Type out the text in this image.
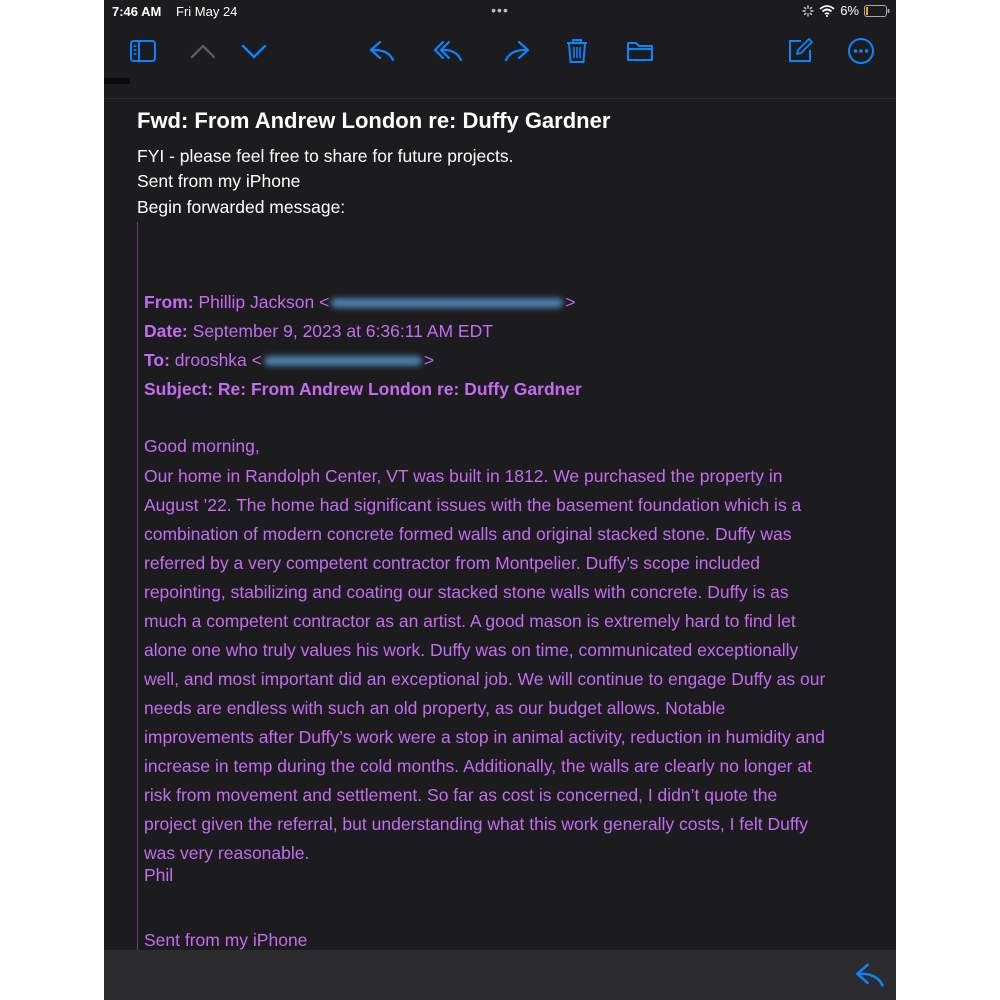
7:46 AM Fri May 24	•••	6%
Fwd: From Andrew London re: Duffy Gardner
FYI - please feel free to share for future projects.
Sent from my iPhone
Begin forwarded message:
From: Phillip Jackson <	>
Date: September 9, 2023 at 6:36:11 AM EDT
To: drooshka <	>
Subject: Re: From Andrew London re: Duffy Gardner
Good morning,
Our home in Randolph Center, VT was built in 1812. We purchased the property in
August ’22. The home had significant issues with the basement foundation which is a
combination of modern concrete formed walls and original stacked stone. Duffy was
referred by a very competent contractor from Montpelier. Duffy’s scope included
repointing, stabilizing and coating our stacked stone walls with concrete. Duffy is as
much a competent contractor as an artist. A good mason is extremely hard to find let
alone one who truly values his work. Duffy was on time, communicated exceptionally
well, and most important did an exceptional job. We will continue to engage Duffy as our
needs are endless with such an old property, as our budget allows. Notable
improvements after Duffy’s work were a stop in animal activity, reduction in humidity and
increase in temp during the cold months. Additionally, the walls are clearly no longer at
risk from movement and settlement. So far as cost is concerned, I didn’t quote the
project given the referral, but understanding what this work generally costs, I felt Duffy
was very reasonable.
Phil
Sent from my iPhone
